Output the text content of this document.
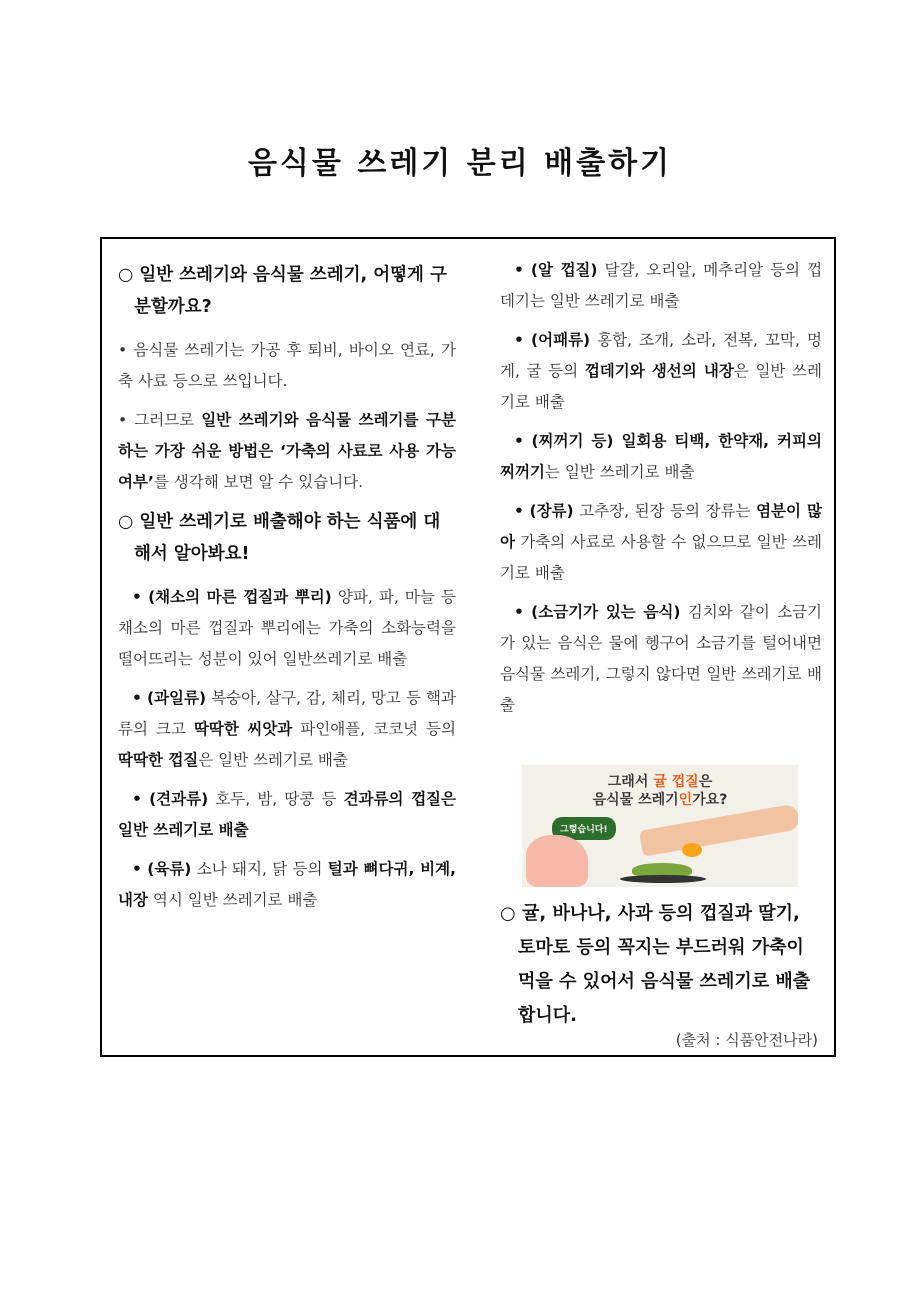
음식물 쓰레기 분리 배출하기
○ 일반 쓰레기와 음식물 쓰레기, 어떻게 구분할까요?

• 음식물 쓰레기는 가공 후 퇴비, 바이오 연료, 가축 사료 등으로 쓰입니다.

• 그러므로 일반 쓰레기와 음식물 쓰레기를 구분하는 가장 쉬운 방법은 ‘가축의 사료로 사용 가능 여부’를 생각해 보면 알 수 있습니다.

○ 일반 쓰레기로 배출해야 하는 식품에 대해서 알아봐요!

• (채소의 마른 껍질과 뿌리) 양파, 파, 마늘 등 채소의 마른 껍질과 뿌리에는 가축의 소화능력을 떨어뜨리는 성분이 있어 일반쓰레기로 배출

• (과일류) 복숭아, 살구, 감, 체리, 망고 등 핵과류의 크고 딱딱한 씨앗과 파인애플, 코코넛 등의 딱딱한 껍질은 일반 쓰레기로 배출

• (견과류) 호두, 밤, 땅콩 등 견과류의 껍질은 일반 쓰레기로 배출

• (육류) 소나 돼지, 닭 등의 털과 뼈다귀, 비계, 내장 역시 일반 쓰레기로 배출

• (알 껍질) 달걀, 오리알, 메추리알 등의 껍데기는 일반 쓰레기로 배출

• (어패류) 홍합, 조개, 소라, 전복, 꼬막, 멍게, 굴 등의 껍데기와 생선의 내장은 일반 쓰레기로 배출

• (찌꺼기 등) 일회용 티백, 한약재, 커피의 찌꺼기는 일반 쓰레기로 배출

• (장류) 고추장, 된장 등의 장류는 염분이 많아 가축의 사료로 사용할 수 없으므로 일반 쓰레기로 배출

• (소금기가 있는 음식) 김치와 같이 소금기가 있는 음식은 물에 헹구어 소금기를 털어내면 음식물 쓰레기, 그렇지 않다면 일반 쓰레기로 배출

그래서 귤 껍질은
음식물 쓰레기인가요?
그렇습니다!
○ 귤, 바나나, 사과 등의 껍질과 딸기, 토마토 등의 꼭지는 부드러워 가축이 먹을 수 있어서 음식물 쓰레기로 배출합니다.
(출처 : 식품안전나라)
